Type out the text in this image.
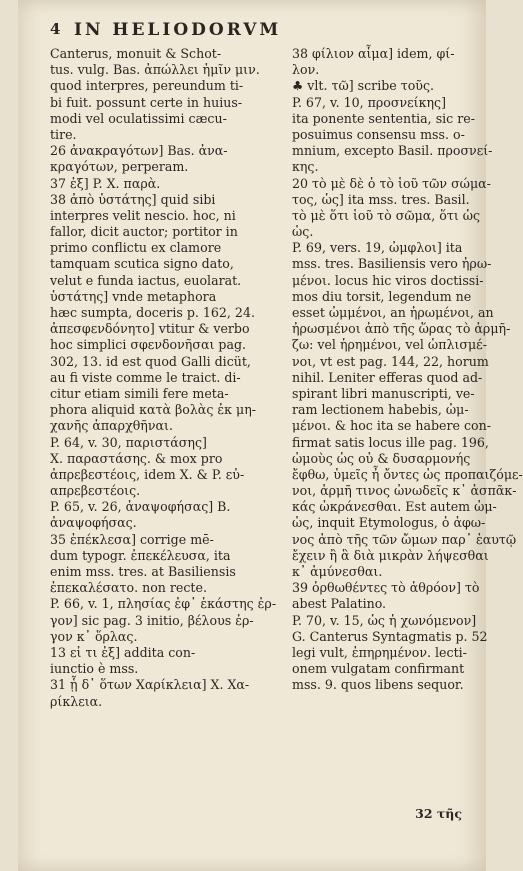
4 IN HELIODORVM
Canterus, monuit & Schot-
tus. vulg. Bas. ἀπώλλει ἡμῖν μιν.
quod interpres, pereundum ti-
bi fuit. possunt certe in huius-
modi vel oculatissimi cæcu-
tire.
26 ἀνακραγότων] Bas. ἀνα-
κραγότων, perperam.
37 ἐξ] P. X. παρὰ.
38 ἀπὸ ὑστάτης] quid sibi
interpres velit nescio. hoc, ni
fallor, dicit auctor; portitor in
primo conflictu ex clamore
tamquam scutica signo dato,
velut e funda iactus, euolarat.
ὑστάτης] vnde metaphora
hæc sumpta, doceris p. 162, 24.
ἀπεσφενδόνητο] vtitur & verbo
hoc simplici σφενδονῆσαι pag.
302, 13. id est quod Galli dicüt,
au fi viste comme le traict. di-
citur etiam simili fere meta-
phora aliquid κατὰ βολὰς ἐκ μη-
χανῆς ἀπαρχθῆναι.
P. 64, v. 30, παριστάσης]
X. παραστάσης. & mox pro
ἀπρεβεστέοις, idem X. & P. εὐ-
απρεβεστέοις.
P. 65, v. 26, ἀναψοφήσας] B.
ἀναψοφήσας.
35 ἐπέκλεσα] corrige mē-
dum typogr. ἐπεκέλευσα, ita
enim mss. tres. at Basiliensis
ἐπεκαλέσατο. non recte.
P. 66, v. 1, πλησίας ἐφ᾽ ἑκάστης ἐρ-
γον] sic pag. 3 initio, βέλουs ἐρ-
γον κ᾽ ὅρλας.
13 εἰ τι ἐξ] addita con-
iunctio è mss.
31 ᾗ δ᾽ ὅτων Χαρίκλεια] X. Χα-
ρίκλεια.
38 φίλιον αἷμα] idem, φί-
λον.
♣ vlt. τῶ] scribe τοῦς.
P. 67, v. 10, προσνείκης]
ita ponente sententia, sic re-
posuimus consensu mss. o-
mnium, excepto Basil. προσνεί-
κης.
20 τὸ μὲ δὲ ὁ τὸ ἱοῦ τῶν σώμα-
τος, ὡς] ita mss. tres. Basil.
τὸ μὲ ὅτι ἱοῦ τὸ σῶμα, ὅτι ὡς
ὡς.
P. 69, vers. 19, ὠμφλοι] ita
mss. tres. Basiliensis vero ἠρω-
μένοι. locus hic viros doctissi-
mos diu torsit, legendum ne
esset ὠμμένοι, an ἠρωμένοι, an
ἠρωσμένοι ἀπὸ τῆς ὥρας τὸ ἀρμῆ-
ζω: vel ἡρημένοι, vel ὡπλισμέ-
νοι, vt est pag. 144, 22, horum
nihil. Leniter efferas quod ad-
spirant libri manuscripti, ve-
ram lectionem habebis, ὠμ-
μένοι. & hoc ita se habere con-
firmat satis locus ille pag. 196,
ὠμοὺς ὡς οὐ & δυσαρμονής
ἔφθω, ὑμεῖς ἦ ὄντες ὡς προπαιζόμε-
νοι, ἀρμῆ τινος ὠνωδεῖς κ᾽ ἀσπᾶκ-
κάς ὠκράνεσθαι. Est autem ὠμ-
ὡς, inquit Etymologus, ὁ ἀφω-
νος ἀπὸ τῆς τῶν ὤμων παρ᾽ ἑαυτῷ
ἔχειν ἢ ἃ διὰ μικρὰν λήψεσθαι
κ᾽ ἀμύνεσθαι.
39 ὀρθωθέντες τὸ ἀθρόον] τὸ
abest Palatino.
P. 70, v. 15, ὡς ἡ χωνόμενον]
G. Canterus Syntagmatis p. 52
legi vult, ἐπηρημένον. lecti-
onem vulgatam confirmant
mss. 9. quos libens sequor.
32 τῆς
